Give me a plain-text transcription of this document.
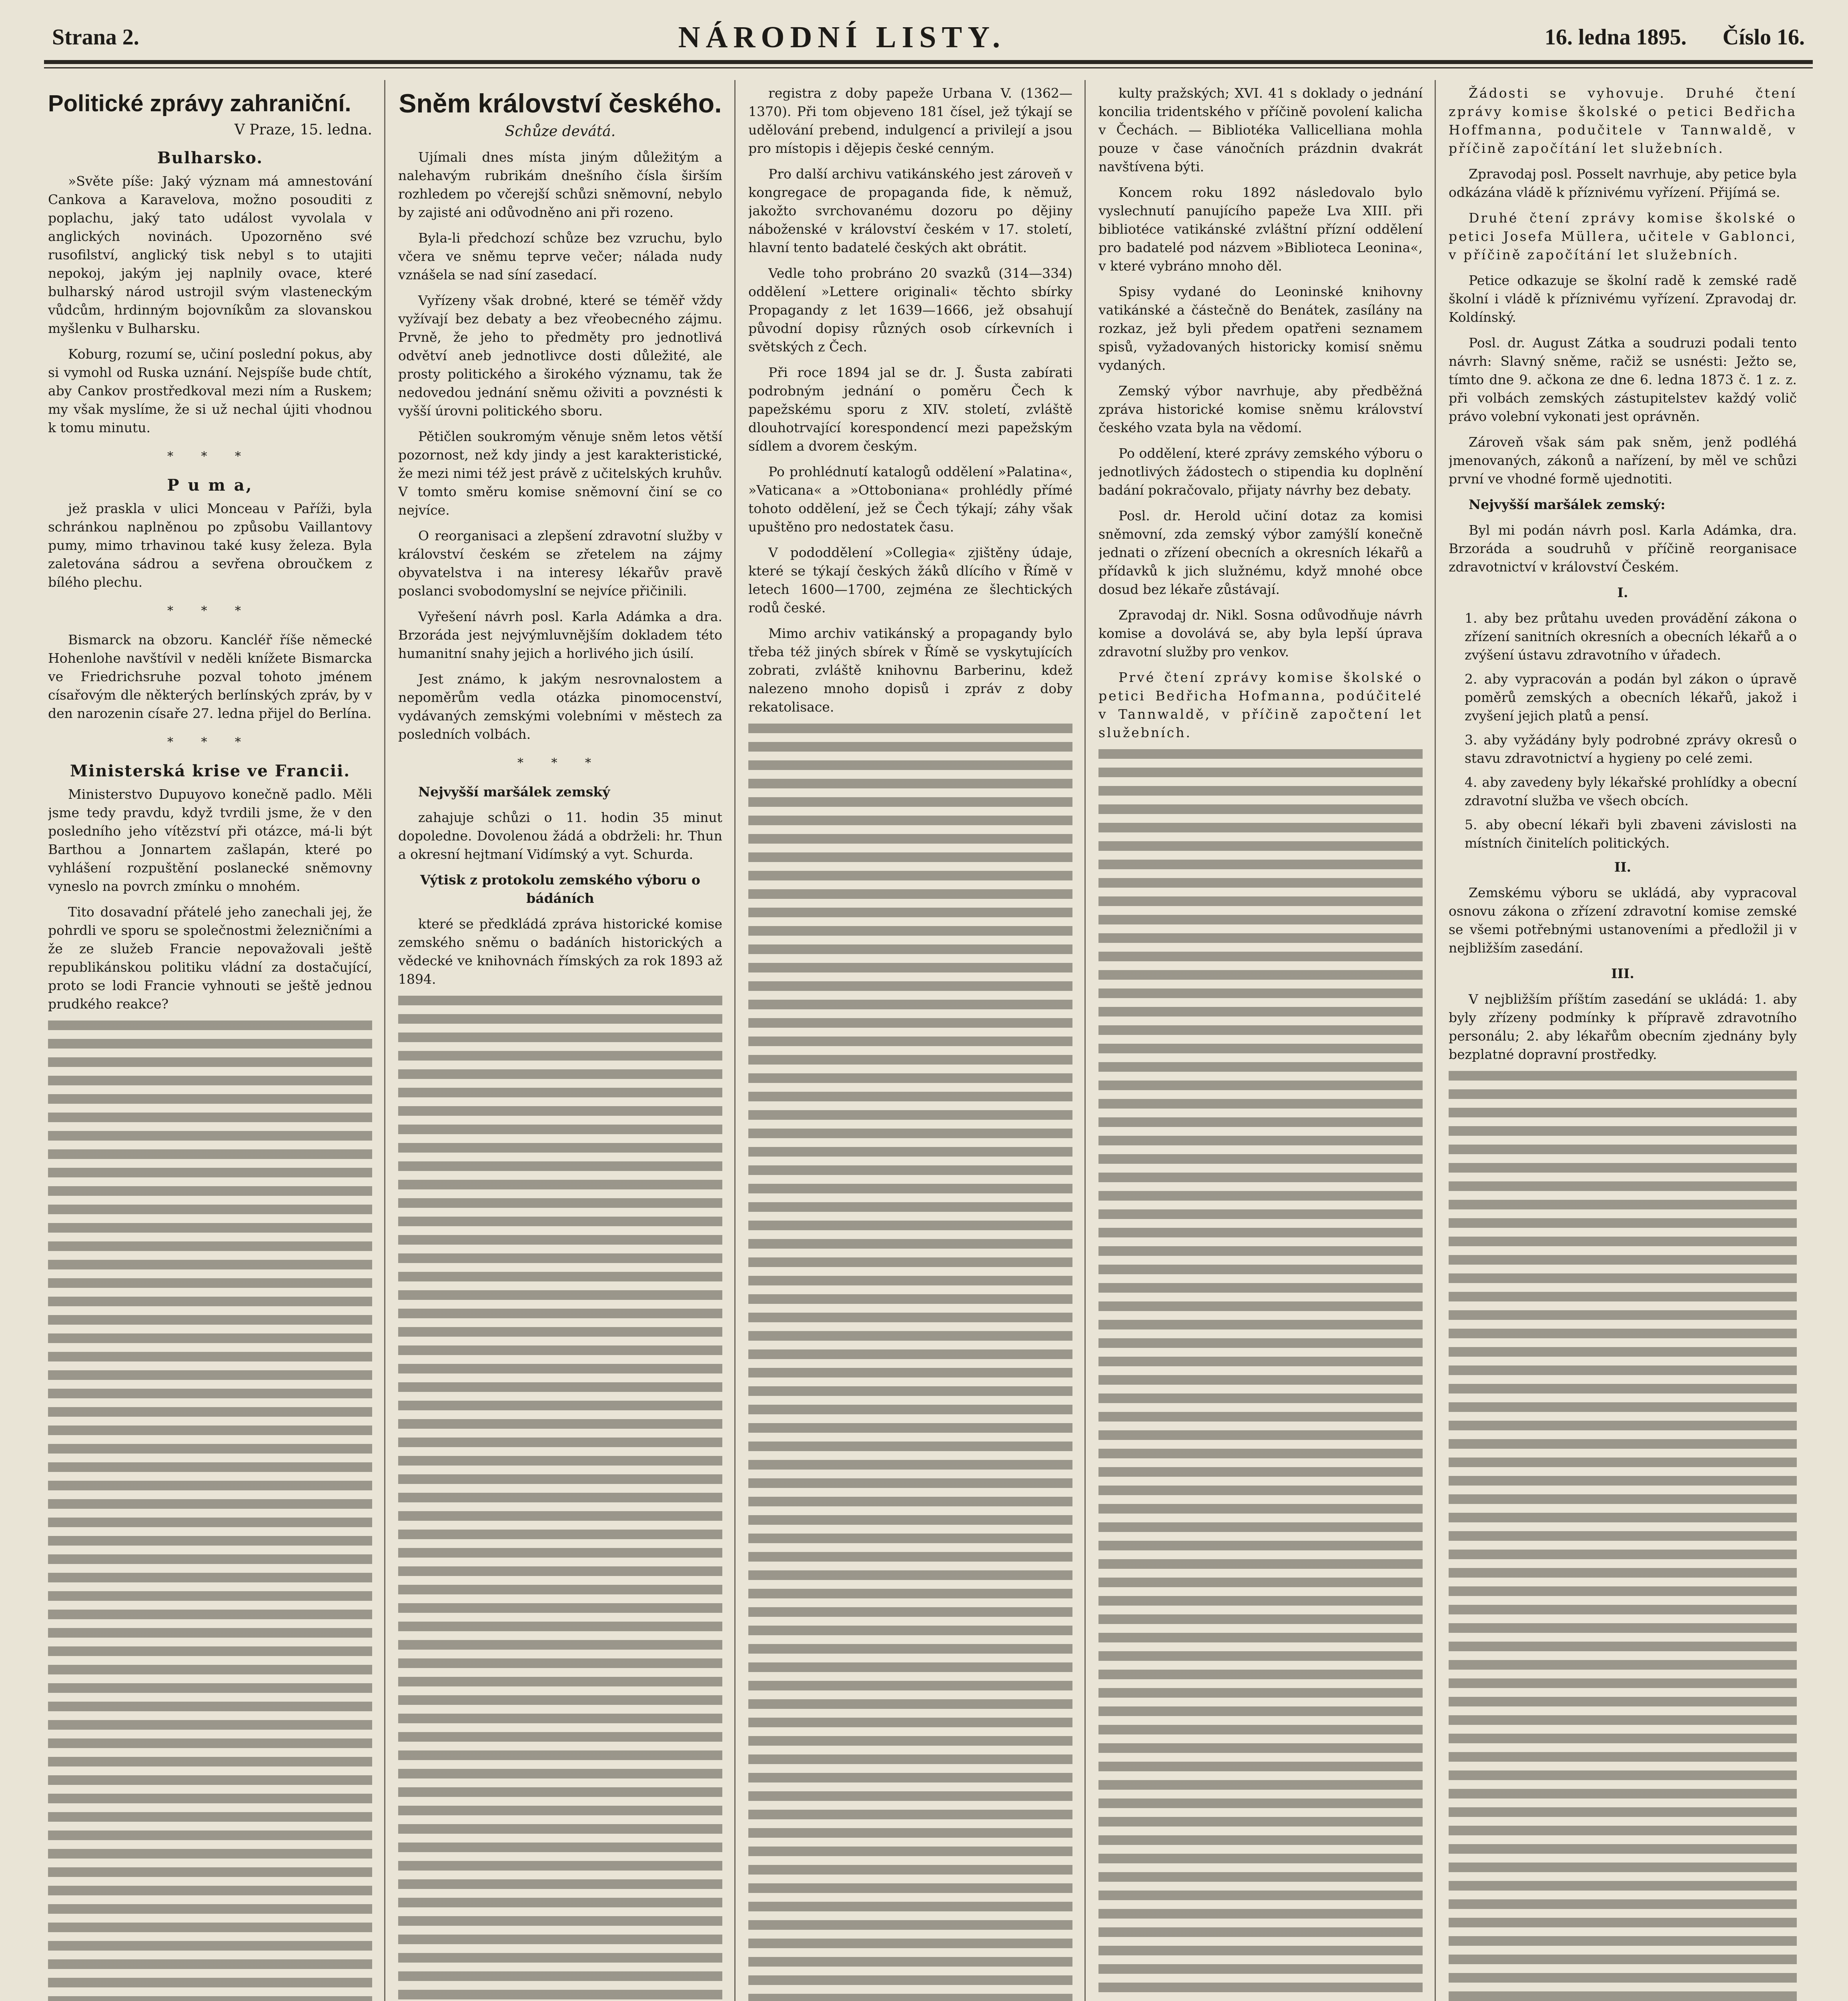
Strana 2.	NÁRODNÍ LISTY.	16. ledna 1895. Číslo 16.
Politické zprávy zahraniční.
V Praze, 15. ledna.
Bulharsko.

»Světe píše: Jaký význam má amnestování Cankova a Karavelova, možno posouditi z poplachu, jaký tato událost vyvolala v anglických novinách. Upozorněno své rusofilství, anglický tisk nebyl s to utajiti nepokoj, jakým jej naplnily ovace, které bulharský národ ustrojil svým vlasteneckým vůdcům, hrdinným bojovníkům za slovanskou myšlenku v Bulharsku.

Koburg, rozumí se, učiní poslední pokus, aby si vymohl od Ruska uznání. Nejspíše bude chtít, aby Cankov prostředkoval mezi ním a Ruskem; my však myslíme, že si už nechal újiti vhodnou k tomu minutu.

* * *
P u m a,

jež praskla v ulici Monceau v Paříži, byla schránkou naplněnou po způsobu Vaillantovy pumy, mimo trhavinou také kusy železa. Byla zaletována sádrou a sevřena obroučkem z bílého plechu.

* * *

Bismarck na obzoru. Kancléř říše německé Hohenlohe navštívil v neděli knížete Bismarcka ve Friedrichsruhe pozval tohoto jménem císařovým dle některých berlínských zpráv, by v den narozenin císaře 27. ledna přijel do Berlína.

* * *
Ministerská krise ve Francii.

Ministerstvo Dupuyovo konečně padlo. Měli jsme tedy pravdu, když tvrdili jsme, že v den posledního jeho vítězství při otázce, má-li být Barthou a Jonnartem zašlapán, které po vyhlášení rozpuštění poslanecké sněmovny vyneslo na povrch zmínku o mnohém.

Tito dosavadní přátelé jeho zanechali jej, že pohrdli ve sporu se společnostmi železničními a že ze služeb Francie nepovažovali ještě republikánskou politiku vládní za dostačující, proto se lodi Francie vyhnouti se ještě jednou prudkého reakce?

Sněm království českého.
Schůze devátá.

Ujímali dnes místa jiným důležitým a nalehavým rubrikám dnešního čísla širším rozhledem po včerejší schůzi sněmovní, nebylo by zajisté ani odůvodněno ani při rozeno.

Byla-li předchozí schůze bez vzruchu, bylo včera ve sněmu teprve večer; nálada nudy vznášela se nad síní zasedací.

Vyřízeny však drobné, které se téměř vždy vyžívají bez debaty a bez vřeobecného zájmu. Prvně, že jeho to předměty pro jednotlivá odvětví aneb jednotlivce dosti důležité, ale prosty politického a širokého významu, tak že nedovedou jednání sněmu oživiti a povznésti k vyšší úrovni politického sboru.

Pětičlen soukromým věnuje sněm letos větší pozornost, než kdy jindy a jest karakteristické, že mezi nimi též jest právě z učitelských kruhův. V tomto směru komise sněmovní činí se co nejvíce.

O reorganisaci a zlepšení zdravotní služby v království českém se zřetelem na zájmy obyvatelstva i na interesy lékařův pravě poslanci svobodomyslní se nejvíce přičinili.

Vyřešení návrh posl. Karla Adámka a dra. Brzoráda jest nejvýmluvnějším dokladem této humanitní snahy jejich a horlivého jich úsilí.

Jest známo, k jakým nesrovnalostem a nepoměrům vedla otázka pinomocenství, vydávaných zemskými volebními v městech za posledních volbách.

* * *

Nejvyšší maršálek zemský

zahajuje schůzi o 11. hodin 35 minut dopoledne. Dovolenou žádá a obdrželi: hr. Thun a okresní hejtmaní Vidímský a vyt. Schurda.

Výtisk z protokolu zemského výboru o bádáních

které se předkládá zpráva historické komise zemského sněmu o badáních historických a vědecké ve knihovnách římských za rok 1893 až 1894.

registra z doby papeže Urbana V. (1362—1370). Při tom objeveno 181 čísel, jež týkají se udělování prebend, indulgencí a privilejí a jsou pro místopis i dějepis české cenným.

Pro další archivu vatikánského jest zároveň v kongregace de propaganda fide, k němuž, jakožto svrchovanému dozoru po dějiny náboženské v království českém v 17. století, hlavní tento badatelé českých akt obrátit.

Vedle toho probráno 20 svazků (314—334) oddělení »Lettere originali« těchto sbírky Propagandy z let 1639—1666, jež obsahují původní dopisy různých osob církevních i světských z Čech.

Při roce 1894 jal se dr. J. Šusta zabírati podrobným jednání o poměru Čech k papežskému sporu z XIV. století, zvláště dlouhotrvající korespondencí mezi papežským sídlem a dvorem českým.

Po prohlédnutí katalogů oddělení »Palatina«, »Vaticana« a »Ottoboniana« prohlédly přímé tohoto oddělení, jež se Čech týkají; záhy však upuštěno pro nedostatek času.

V pododdělení »Collegia« zjištěny údaje, které se týkají českých žáků dlícího v Římě v letech 1600—1700, zejména ze šlechtických rodů české.

Mimo archiv vatikánský a propagandy bylo třeba též jiných sbírek v Římě se vyskytujících zobrati, zvláště knihovnu Barberinu, kdež nalezeno mnoho dopisů i zpráv z doby rekatolisace.

kulty pražských; XVI. 41 s doklady o jednání koncilia tridentského v příčině povolení kalicha v Čechách. — Bibliotéka Vallicelliana mohla pouze v čase vánočních prázdnin dvakrát navštívena býti.

Koncem roku 1892 následovalo bylo vyslechnutí panujícího papeže Lva XIII. při bibliotéce vatikánské zvláštní přízní oddělení pro badatelé pod názvem »Biblioteca Leonina«, v které vybráno mnoho děl.

Spisy vydané do Leoninské knihovny vatikánské a částečně do Benátek, zasílány na rozkaz, jež byli předem opatřeni seznamem spisů, vyžadovaných historicky komisí sněmu vydaných.

Zemský výbor navrhuje, aby předběžná zpráva historické komise sněmu království českého vzata byla na vědomí.

Po oddělení, které zprávy zemského výboru o jednotlivých žádostech o stipendia ku doplnění badání pokračovalo, přijaty návrhy bez debaty.

Posl. dr. Herold učiní dotaz za komisi sněmovní, zda zemský výbor zamýšlí konečně jednati o zřízení obecních a okresních lékařů a přídavků k jich služnému, když mnohé obce dosud bez lékaře zůstávají.

Zpravodaj dr. Nikl. Sosna odůvodňuje návrh komise a dovolává se, aby byla lepší úprava zdravotní služby pro venkov.

Prvé čtení zprávy komise školské o petici Bedřicha Hofmanna, podúčitelé v Tannwaldě, v příčině započtení let služebních.

Žádosti se vyhovuje. Druhé čtení zprávy komise školské o petici Bedřicha Hoffmanna, podučitele v Tannwaldě, v příčině započítání let služebních.

Zpravodaj posl. Posselt navrhuje, aby petice byla odkázána vládě k příznivému vyřízení. Přijímá se.

Druhé čtení zprávy komise školské o petici Josefa Müllera, učitele v Gablonci, v příčině započítání let služebních.

Petice odkazuje se školní radě k zemské radě školní i vládě k příznivému vyřízení. Zpravodaj dr. Koldínský.

Posl. dr. August Zátka a soudruzi podali tento návrh: Slavný sněme, račiž se usnésti: Ježto se, tímto dne 9. ačkona ze dne 6. ledna 1873 č. 1 z. z. při volbách zemských zástupitelstev každý volič právo volební vykonati jest oprávněn.

Zároveň však sám pak sněm, jenž podléhá jmenovaných, zákonů a nařízení, by měl ve schůzi první ve vhodné formě ujednotiti.

Nejvyšší maršálek zemský:

Byl mi podán návrh posl. Karla Adámka, dra. Brzoráda a soudruhů v příčině reorganisace zdravotnictví v království Českém.

I.

1. aby bez průtahu uveden provádění zákona o zřízení sanitních okresních a obecních lékařů a o zvýšení ústavu zdravotního v úřadech.

2. aby vypracován a podán byl zákon o úpravě poměrů zemských a obecních lékařů, jakož i zvyšení jejich platů a pensí.

3. aby vyžádány byly podrobné zprávy okresů o stavu zdravotnictví a hygieny po celé zemi.

4. aby zavedeny byly lékařské prohlídky a obecní zdravotní služba ve všech obcích.

5. aby obecní lékaři byli zbaveni závislosti na místních činitelích politických.

II.

Zemskému výboru se ukládá, aby vypracoval osnovu zákona o zřízení zdravotní komise zemské se všemi potřebnými ustanoveními a předložil ji v nejbližším zasedání.

III.

V nejbližším příštím zasedání se ukládá: 1. aby byly zřízeny podmínky k přípravě zdravotního personálu; 2. aby lékařům obecním zjednány byly bezplatné dopravní prostředky.
